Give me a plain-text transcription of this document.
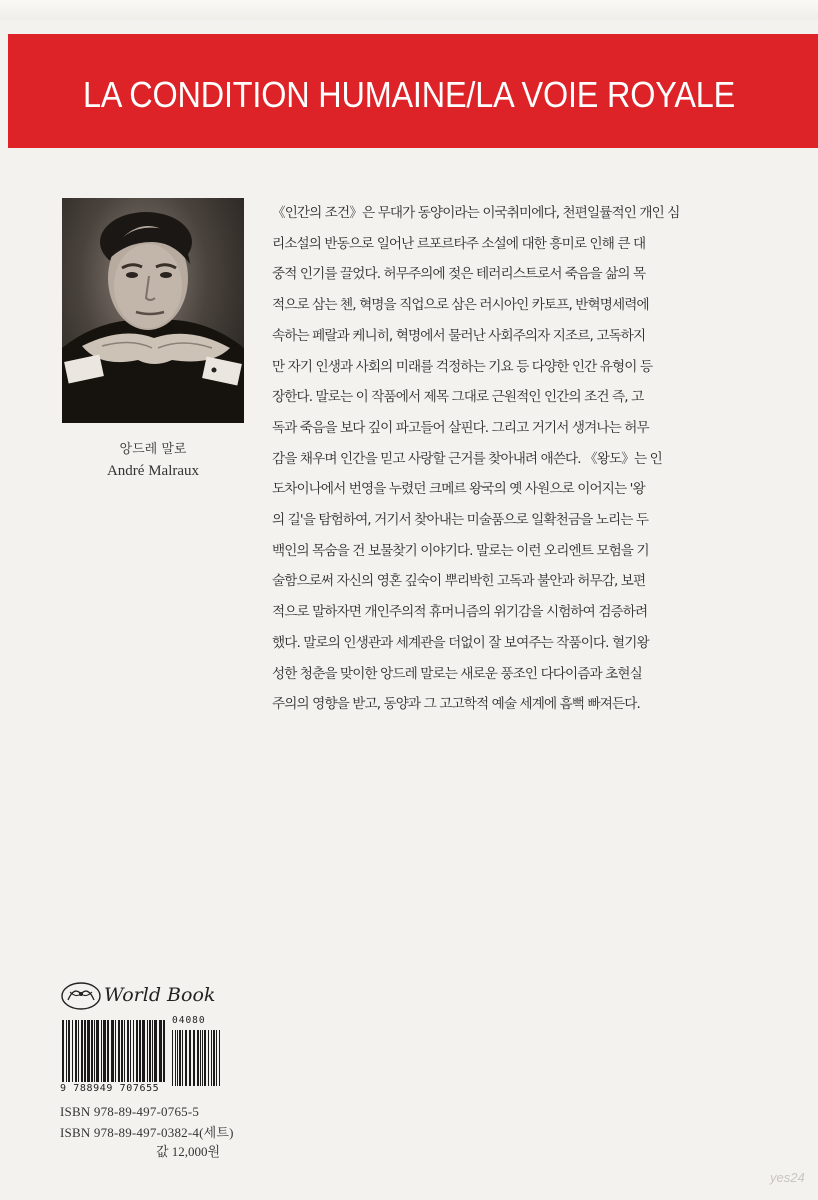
LA CONDITION HUMAINE/LA VOIE ROYALE
앙드레 말로
André Malraux

《인간의 조건》은 무대가 동양이라는 이국취미에다, 천편일률적인 개인 심
리소설의 반동으로 일어난 르포르타주 소설에 대한 흥미로 인해 큰 대
중적 인기를 끌었다. 허무주의에 젖은 테러리스트로서 죽음을 삶의 목
적으로 삼는 첸, 혁명을 직업으로 삼은 러시아인 카토프, 반혁명세력에
속하는 페랄과 케니히, 혁명에서 물러난 사회주의자 지조르, 고독하지
만 자기 인생과 사회의 미래를 걱정하는 기요 등 다양한 인간 유형이 등
장한다. 말로는 이 작품에서 제목 그대로 근원적인 인간의 조건 즉, 고
독과 죽음을 보다 깊이 파고들어 살핀다. 그리고 거기서 생겨나는 허무
감을 채우며 인간을 믿고 사랑할 근거를 찾아내려 애쓴다. 《왕도》는 인
도차이나에서 번영을 누렸던 크메르 왕국의 옛 사원으로 이어지는 '왕
의 길'을 탐험하여, 거기서 찾아내는 미술품으로 일확천금을 노리는 두
백인의 목숨을 건 보물찾기 이야기다. 말로는 이런 오리엔트 모험을 기
술함으로써 자신의 영혼 깊숙이 뿌리박힌 고독과 불안과 허무감, 보편
적으로 말하자면 개인주의적 휴머니즘의 위기감을 시험하여 검증하려
했다. 말로의 인생관과 세계관을 더없이 잘 보여주는 작품이다. 혈기왕
성한 청춘을 맞이한 앙드레 말로는 새로운 풍조인 다다이즘과 초현실
주의의 영향을 받고, 동양과 그 고고학적 예술 세계에 흠뻑 빠져든다.

World Book
04080
9 788949 707655
ISBN 978-89-497-0765-5
ISBN 978-89-497-0382-4(세트)
값 12,000원
yes24
